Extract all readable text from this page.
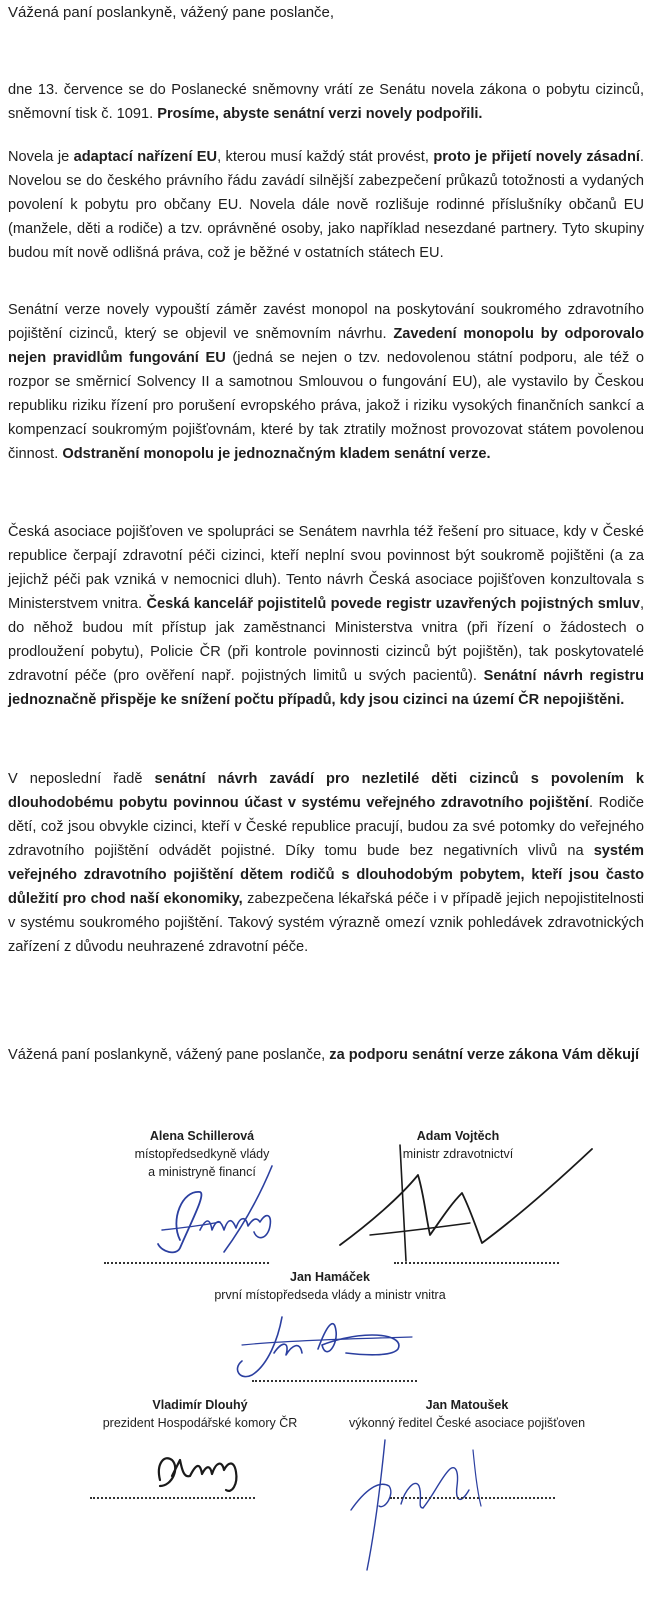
Vážená paní poslankyně, vážený pane poslanče,

dne 13. července se do Poslanecké sněmovny vrátí ze Senátu novela zákona o pobytu cizinců, sněmovní tisk č. 1091. Prosíme, abyste senátní verzi novely podpořili.

Novela je adaptací nařízení EU, kterou musí každý stát provést, proto je přijetí novely zásadní. Novelou se do českého právního řádu zavádí silnější zabezpečení průkazů totožnosti a vydaných povolení k pobytu pro občany EU. Novela dále nově rozlišuje rodinné příslušníky občanů EU (manžele, děti a rodiče) a tzv. oprávněné osoby, jako například nesezdané partnery. Tyto skupiny budou mít nově odlišná práva, což je běžné v ostatních státech EU.

Senátní verze novely vypouští záměr zavést monopol na poskytování soukromého zdravotního pojištění cizinců, který se objevil ve sněmovním návrhu. Zavedení monopolu by odporovalo nejen pravidlům fungování EU (jedná se nejen o tzv. nedovolenou státní podporu, ale též o rozpor se směrnicí Solvency II a samotnou Smlouvou o fungování EU), ale vystavilo by Českou republiku riziku řízení pro porušení evropského práva, jakož i riziku vysokých finančních sankcí a kompenzací soukromým pojišťovnám, které by tak ztratily možnost provozovat státem povolenou činnost. Odstranění monopolu je jednoznačným kladem senátní verze.

Česká asociace pojišťoven ve spolupráci se Senátem navrhla též řešení pro situace, kdy v České republice čerpají zdravotní péči cizinci, kteří neplní svou povinnost být soukromě pojištěni (a za jejichž péči pak vzniká v nemocnici dluh). Tento návrh Česká asociace pojišťoven konzultovala s Ministerstvem vnitra. Česká kancelář pojistitelů povede registr uzavřených pojistných smluv, do něhož budou mít přístup jak zaměstnanci Ministerstva vnitra (při řízení o žádostech o prodloužení pobytu), Policie ČR (při kontrole povinnosti cizinců být pojištěn), tak poskytovatelé zdravotní péče (pro ověření např. pojistných limitů u svých pacientů). Senátní návrh registru jednoznačně přispěje ke snížení počtu případů, kdy jsou cizinci na území ČR nepojištěni.

V neposlední řadě senátní návrh zavádí pro nezletilé děti cizinců s povolením k dlouhodobému pobytu povinnou účast v systému veřejného zdravotního pojištění. Rodiče dětí, což jsou obvykle cizinci, kteří v České republice pracují, budou za své potomky do veřejného zdravotního pojištění odvádět pojistné. Díky tomu bude bez negativních vlivů na systém veřejného zdravotního pojištění dětem rodičů s dlouhodobým pobytem, kteří jsou často důležití pro chod naší ekonomiky, zabezpečena lékařská péče i v případě jejich nepojistitelnosti v systému soukromého pojištění. Takový systém výrazně omezí vznik pohledávek zdravotnických zařízení z důvodu neuhrazené zdravotní péče.

Vážená paní poslankyně, vážený pane poslanče, za podporu senátní verze zákona Vám děkují

Alena Schillerová
místopředsedkyně vlády
a ministryně financí
Adam Vojtěch
ministr zdravotnictví
Jan Hamáček
první místopředseda vlády a ministr vnitra
Vladimír Dlouhý
prezident Hospodářské komory ČR
Jan Matoušek
výkonný ředitel České asociace pojišťoven
